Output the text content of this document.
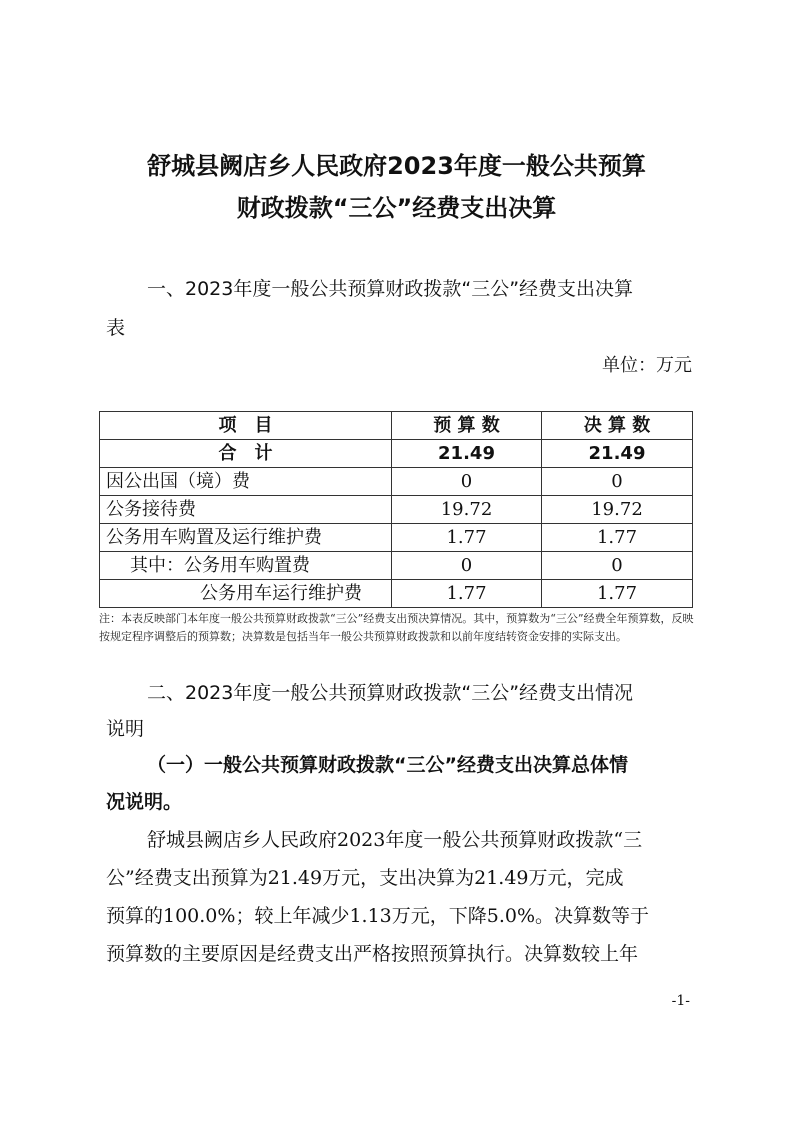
舒城县阙店乡人民政府2023年度一般公共预算
财政拨款“三公”经费支出决算
一、2023年度一般公共预算财政拨款“三公”经费支出决算
表
单位：万元
项　目	预 算 数	决 算 数
合　计	21.49	21.49
因公出国（境）费	0	0
公务接待费	19.72	19.72
公务用车购置及运行维护费	1.77	1.77
其中：公务用车购置费	0	0
公务用车运行维护费	1.77	1.77
注：本表反映部门本年度一般公共预算财政拨款“三公”经费支出预决算情况。其中，预算数为“三公”经费全年预算数，反映按规定程序调整后的预算数；决算数是包括当年一般公共预算财政拨款和以前年度结转资金安排的实际支出。
二、2023年度一般公共预算财政拨款“三公”经费支出情况
说明
（一）一般公共预算财政拨款“三公”经费支出决算总体情
况说明。
舒城县阙店乡人民政府2023年度一般公共预算财政拨款“三
公”经费支出预算为21.49万元，支出决算为21.49万元，完成
预算的100.0%；较上年减少1.13万元，下降5.0%。决算数等于
预算数的主要原因是经费支出严格按照预算执行。决算数较上年
-1-
